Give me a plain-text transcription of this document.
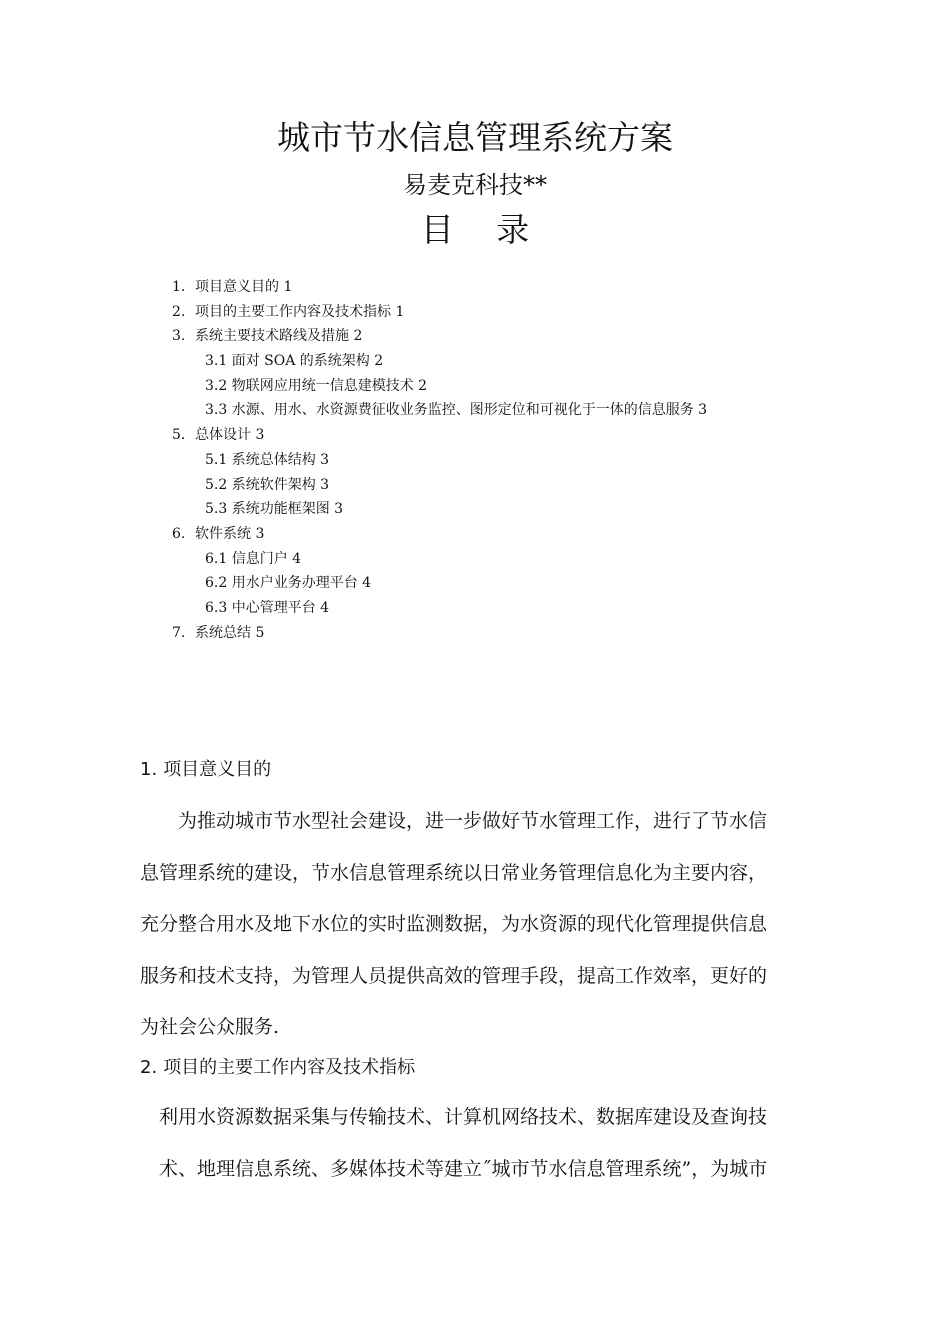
城市节水信息管理系统方案
易麦克科技**
目 录
1. 项目意义目的 1
2. 项目的主要工作内容及技术指标 1
3. 系统主要技术路线及措施 2
3.1 面对 SOA 的系统架构 2
3.2 物联网应用统一信息建模技术 2
3.3 水源、用水、水资源费征收业务监控、图形定位和可视化于一体的信息服务 3
5. 总体设计 3
5.1 系统总体结构 3
5.2 系统软件架构 3
5.3 系统功能框架图 3
6. 软件系统 3
6.1 信息门户 4
6.2 用水户业务办理平台 4
6.3 中心管理平台 4
7. 系统总结 5
1. 项目意义目的
　　为推动城市节水型社会建设，进一步做好节水管理工作，进行了节水信
息管理系统的建设，节水信息管理系统以日常业务管理信息化为主要内容，
充分整合用水及地下水位的实时监测数据，为水资源的现代化管理提供信息
服务和技术支持，为管理人员提供高效的管理手段，提高工作效率，更好的
为社会公众服务.
2. 项目的主要工作内容及技术指标
　利用水资源数据采集与传输技术、计算机网络技术、数据库建设及查询技
　术、地理信息系统、多媒体技术等建立˝城市节水信息管理系统”，为城市
